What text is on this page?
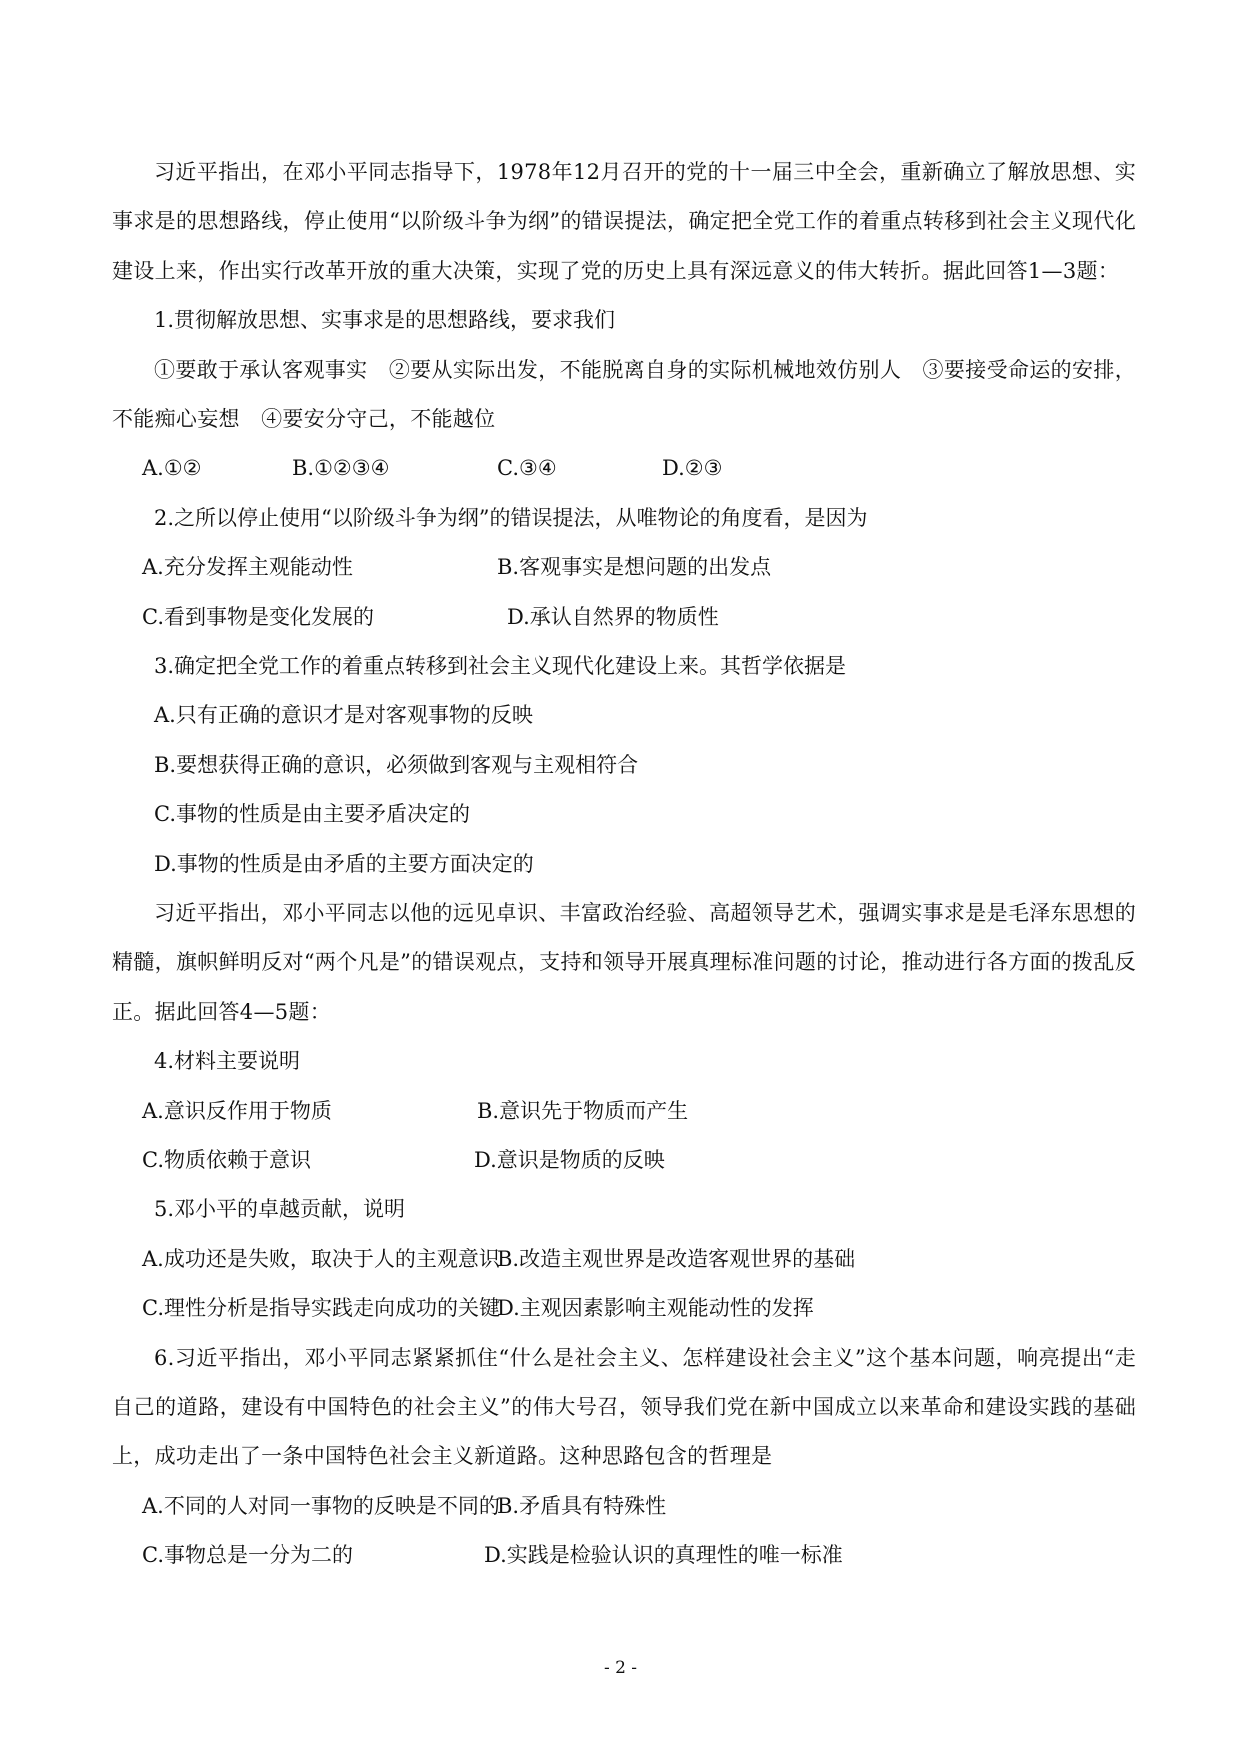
习近平指出，在邓小平同志指导下，1978年12月召开的党的十一届三中全会，重新确立了解放思想、实事求是的思想路线，停止使用“以阶级斗争为纲”的错误提法，确定把全党工作的着重点转移到社会主义现代化建设上来，作出实行改革开放的重大决策，实现了党的历史上具有深远意义的伟大转折。据此回答1—3题：

1.贯彻解放思想、实事求是的思想路线，要求我们

①要敢于承认客观事实　②要从实际出发，不能脱离自身的实际机械地效仿别人　③要接受命运的安排，不能痴心妄想　④要安分守己，不能越位

A.①②	B.①②③④	C.③④	D.②③

2.之所以停止使用“以阶级斗争为纲”的错误提法，从唯物论的角度看，是因为

A.充分发挥主观能动性	B.客观事实是想问题的出发点
C.看到事物是变化发展的	D.承认自然界的物质性

3.确定把全党工作的着重点转移到社会主义现代化建设上来。其哲学依据是

A.只有正确的意识才是对客观事物的反映

B.要想获得正确的意识，必须做到客观与主观相符合

C.事物的性质是由主要矛盾决定的

D.事物的性质是由矛盾的主要方面决定的

习近平指出，邓小平同志以他的远见卓识、丰富政治经验、高超领导艺术，强调实事求是是毛泽东思想的精髓，旗帜鲜明反对“两个凡是”的错误观点，支持和领导开展真理标准问题的讨论，推动进行各方面的拨乱反正。据此回答4—5题：

4.材料主要说明

A.意识反作用于物质	B.意识先于物质而产生
C.物质依赖于意识	D.意识是物质的反映

5.邓小平的卓越贡献，说明

A.成功还是失败，取决于人的主观意识
B.改造主观世界是改造客观世界的基础
C.理性分析是指导实践走向成功的关键
D.主观因素影响主观能动性的发挥

6.习近平指出，邓小平同志紧紧抓住“什么是社会主义、怎样建设社会主义”这个基本问题，响亮提出“走自己的道路，建设有中国特色的社会主义”的伟大号召，领导我们党在新中国成立以来革命和建设实践的基础上，成功走出了一条中国特色社会主义新道路。这种思路包含的哲理是

A.不同的人对同一事物的反映是不同的
B.矛盾具有特殊性
C.事物总是一分为二的	D.实践是检验认识的真理性的唯一标准
- 2 -
